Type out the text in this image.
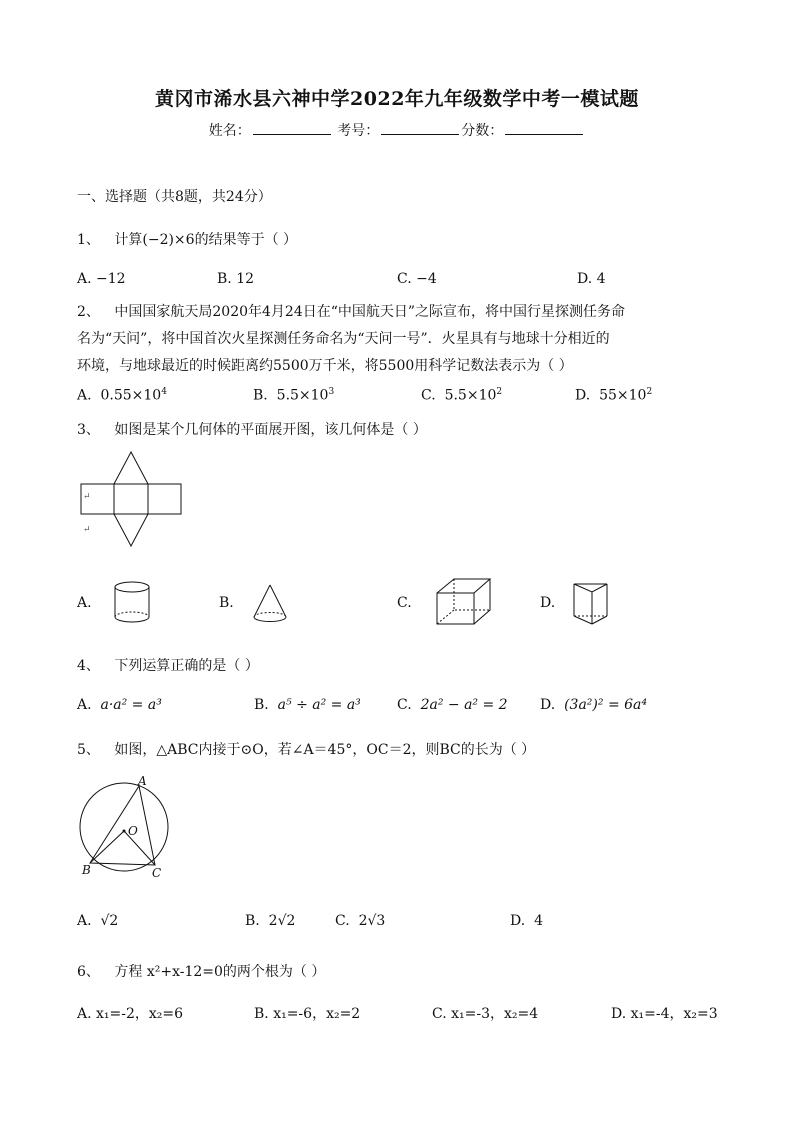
黄冈市浠水县六神中学2022年九年级数学中考一模试题
姓名：	考号：	分数：
一、选择题（共8题，共24分）
1、 计算(−2)×6的结果等于（ ）
A. −12	B. 12	C. −4	D. 4
2、 中国国家航天局2020年4月24日在“中国航天日”之际宣布，将中国行星探测任务命
名为“天问”，将中国首次火星探测任务命名为“天问一号”．火星具有与地球十分相近的
环境，与地球最近的时候距离约5500万千米，将5500用科学记数法表示为（ ）
A. $0.55\times 10^4$	B. $5.5\times 10^3$	C. $5.5\times 10^2$	D. $55\times 10^2$
3、 如图是某个几何体的平面展开图，该几何体是（ ）
↵
↵
A.	B.	C.	D.
4、 下列运算正确的是（ ）
A. a·a² = a³	B. a⁵ ÷ a² = a³	C. 2a² − a² = 2 D. (3a²)² = 6a⁴
5、 如图，△ABC内接于⊙O，若∠A＝45°，OC＝2，则BC的长为（ ）
A
O
B	C
A. √2	B. 2√2	C. 2√3	D. 4
6、 方程 x²+x-12=0的两个根为（ ）
A. x₁=-2，x₂=6	B. x₁=-6，x₂=2	C. x₁=-3，x₂=4	D. x₁=-4，x₂=3
